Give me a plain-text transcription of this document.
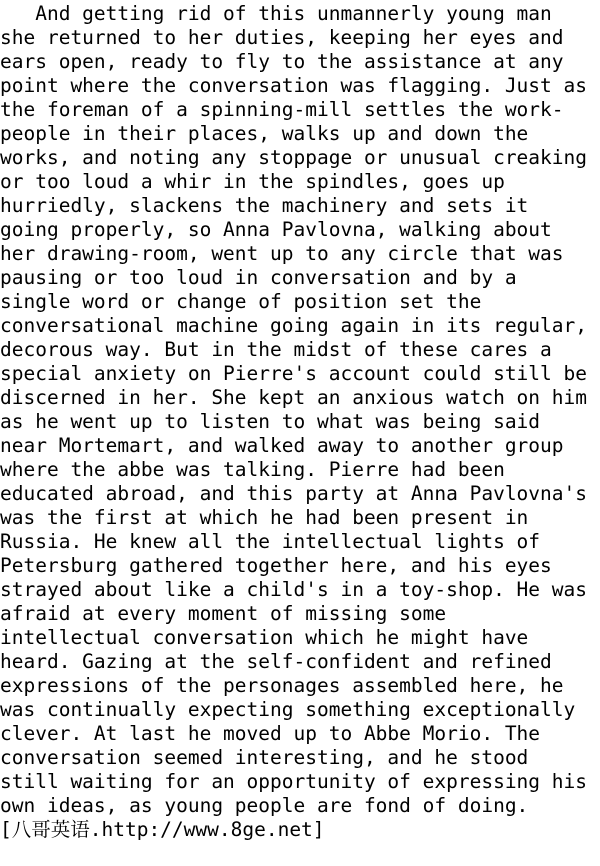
And getting rid of this unmannerly young man
she returned to her duties, keeping her eyes and
ears open, ready to fly to the assistance at any
point where the conversation was flagging. Just as
the foreman of a spinning-mill settles the work-
people in their places, walks up and down the
works, and noting any stoppage or unusual creaking
or too loud a whir in the spindles, goes up
hurriedly, slackens the machinery and sets it
going properly, so Anna Pavlovna, walking about
her drawing-room, went up to any circle that was
pausing or too loud in conversation and by a
single word or change of position set the
conversational machine going again in its regular,
decorous way. But in the midst of these cares a
special anxiety on Pierre's account could still be
discerned in her. She kept an anxious watch on him
as he went up to listen to what was being said
near Mortemart, and walked away to another group
where the abbe was talking. Pierre had been
educated abroad, and this party at Anna Pavlovna's
was the first at which he had been present in
Russia. He knew all the intellectual lights of
Petersburg gathered together here, and his eyes
strayed about like a child's in a toy-shop. He was
afraid at every moment of missing some
intellectual conversation which he might have
heard. Gazing at the self-confident and refined
expressions of the personages assembled here, he
was continually expecting something exceptionally
clever. At last he moved up to Abbe Morio. The
conversation seemed interesting, and he stood
still waiting for an opportunity of expressing his
own ideas, as young people are fond of doing.
[八哥英语.http://www.8ge.net]
